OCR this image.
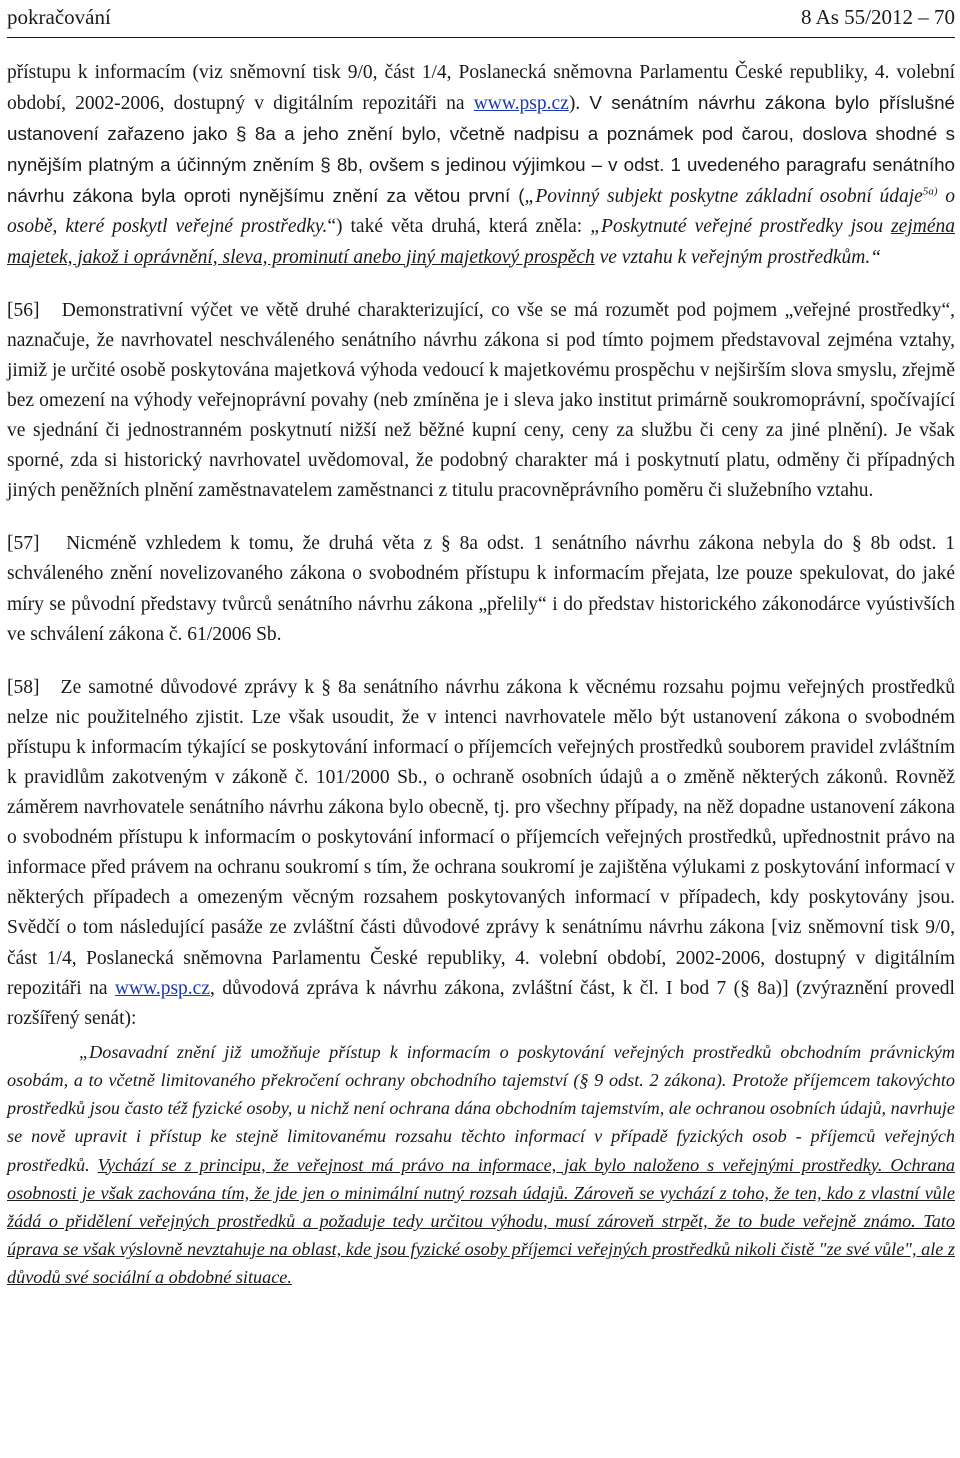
pokračování	8 As 55/2012 – 70

přístupu k informacím (viz sněmovní tisk 9/0, část 1/4, Poslanecká sněmovna Parlamentu České republiky, 4. volební období, 2002-2006, dostupný v digitálním repozitáři na www.psp.cz). V senátním návrhu zákona bylo příslušné ustanovení zařazeno jako § 8a a jeho znění bylo, včetně nadpisu a poznámek pod čarou, doslova shodné s nynějším platným a účinným zněním § 8b, ovšem s jedinou výjimkou – v odst. 1 uvedeného paragrafu senátního návrhu zákona byla oproti nynějšímu znění za větou první („Povinný subjekt poskytne základní osobní údaje$^{5a)}$ o osobě, které poskytl veřejné prostředky.“) také věta druhá, která zněla: „Poskytnuté veřejné prostředky jsou zejména majetek, jakož i oprávnění, sleva, prominutí anebo jiný majetkový prospěch ve vztahu k veřejným prostředkům.“

[56]   Demonstrativní výčet ve větě druhé charakterizující, co vše se má rozumět pod pojmem „veřejné prostředky“, naznačuje, že navrhovatel neschváleného senátního návrhu zákona si pod tímto pojmem představoval zejména vztahy, jimiž je určité osobě poskytována majetková výhoda vedoucí k majetkovému prospěchu v nejširším slova smyslu, zřejmě bez omezení na výhody veřejnoprávní povahy (neb zmíněna je i sleva jako institut primárně soukromoprávní, spočívající ve sjednání či jednostranném poskytnutí nižší než běžné kupní ceny, ceny za službu či ceny za jiné plnění). Je však sporné, zda si historický navrhovatel uvědomoval, že podobný charakter má i poskytnutí platu, odměny či případných jiných peněžních plnění zaměstnavatelem zaměstnanci z titulu pracovněprávního poměru či služebního vztahu.

[57]   Nicméně vzhledem k tomu, že druhá věta z § 8a odst. 1 senátního návrhu zákona nebyla do § 8b odst. 1 schváleného znění novelizovaného zákona o svobodném přístupu k informacím přejata, lze pouze spekulovat, do jaké míry se původní představy tvůrců senátního návrhu zákona „přelily“ i do představ historického zákonodárce vyústivších ve schválení zákona č. 61/2006 Sb.

[58]   Ze samotné důvodové zprávy k § 8a senátního návrhu zákona k věcnému rozsahu pojmu veřejných prostředků nelze nic použitelného zjistit. Lze však usoudit, že v intenci navrhovatele mělo být ustanovení zákona o svobodném přístupu k informacím týkající se poskytování informací o příjemcích veřejných prostředků souborem pravidel zvláštním k pravidlům zakotveným v zákoně č. 101/2000 Sb., o ochraně osobních údajů a o změně některých zákonů. Rovněž záměrem navrhovatele senátního návrhu zákona bylo obecně, tj. pro všechny případy, na něž dopadne ustanovení zákona o svobodném přístupu k informacím o poskytování informací o příjemcích veřejných prostředků, upřednostnit právo na informace před právem na ochranu soukromí s tím, že ochrana soukromí je zajištěna výlukami z poskytování informací v některých případech a omezeným věcným rozsahem poskytovaných informací v případech, kdy poskytovány jsou. Svědčí o tom následující pasáže ze zvláštní části důvodové zprávy k senátnímu návrhu zákona [viz sněmovní tisk 9/0, část 1/4, Poslanecká sněmovna Parlamentu České republiky, 4. volební období, 2002-2006, dostupný v digitálním repozitáři na www.psp.cz, důvodová zpráva k návrhu zákona, zvláštní část, k čl. I bod 7 (§ 8a)] (zvýraznění provedl rozšířený senát):

„Dosavadní znění již umožňuje přístup k informacím o poskytování veřejných prostředků obchodním právnickým osobám, a to včetně limitovaného překročení ochrany obchodního tajemství (§ 9 odst. 2 zákona). Protože příjemcem takovýchto prostředků jsou často též fyzické osoby, u nichž není ochrana dána obchodním tajemstvím, ale ochranou osobních údajů, navrhuje se nově upravit i přístup ke stejně limitovanému rozsahu těchto informací v případě fyzických osob - příjemců veřejných prostředků. Vychází se z principu, že veřejnost má právo na informace, jak bylo naloženo s veřejnými prostředky. Ochrana osobnosti je však zachována tím, že jde jen o minimální nutný rozsah údajů. Zároveň se vychází z toho, že ten, kdo z vlastní vůle žádá o přidělení veřejných prostředků a požaduje tedy určitou výhodu, musí zároveň strpět, že to bude veřejně známo. Tato úprava se však výslovně nevztahuje na oblast, kde jsou fyzické osoby příjemci veřejných prostředků nikoli čistě "ze své vůle", ale z důvodů své sociální a obdobné situace.
